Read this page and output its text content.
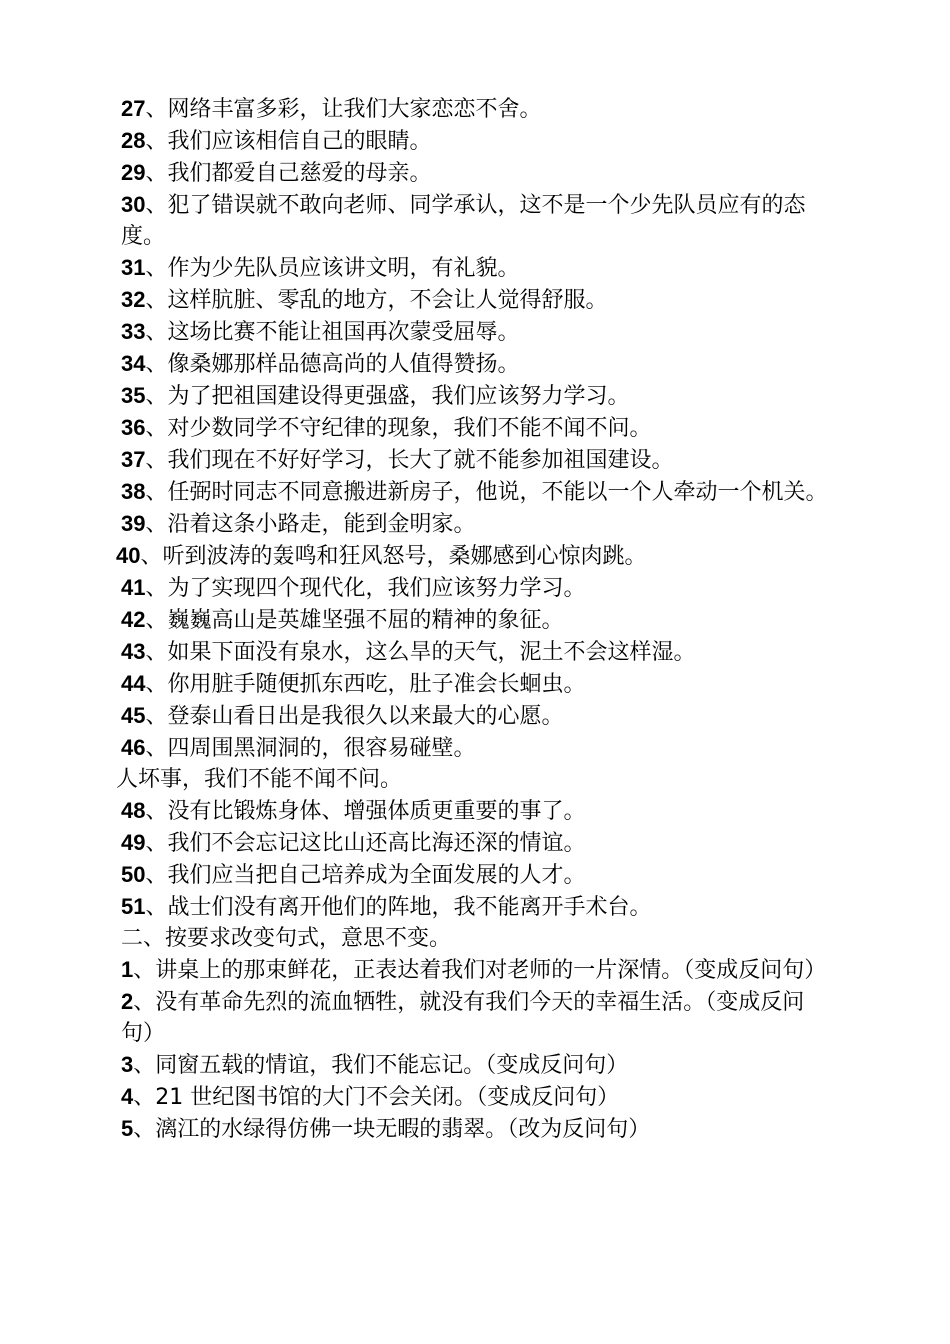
27、网络丰富多彩，让我们大家恋恋不舍。

28、我们应该相信自己的眼睛。

29、我们都爱自己慈爱的母亲。

30、犯了错误就不敢向老师、同学承认，这不是一个少先队员应有的态度。

31、作为少先队员应该讲文明，有礼貌。

32、这样肮脏、零乱的地方，不会让人觉得舒服。

33、这场比赛不能让祖国再次蒙受屈辱。

34、像桑娜那样品德高尚的人值得赞扬。

35、为了把祖国建设得更强盛，我们应该努力学习。

36、对少数同学不守纪律的现象，我们不能不闻不问。

37、我们现在不好好学习，长大了就不能参加祖国建设。

38、任弼时同志不同意搬进新房子，他说，不能以一个人牵动一个机关。

39、沿着这条小路走，能到金明家。

40、听到波涛的轰鸣和狂风怒号，桑娜感到心惊肉跳。

41、为了实现四个现代化，我们应该努力学习。

42、巍巍高山是英雄坚强不屈的精神的象征。

43、如果下面没有泉水，这么旱的天气，泥土不会这样湿。

44、你用脏手随便抓东西吃，肚子准会长蛔虫。

45、登泰山看日出是我很久以来最大的心愿。

46、四周围黑洞洞的，很容易碰壁。

人坏事，我们不能不闻不问。

48、没有比锻炼身体、增强体质更重要的事了。

49、我们不会忘记这比山还高比海还深的情谊。

50、我们应当把自己培养成为全面发展的人才。

51、战士们没有离开他们的阵地，我不能离开手术台。

二、按要求改变句式，意思不变。

1、讲桌上的那束鲜花，正表达着我们对老师的一片深情。（变成反问句）

2、没有革命先烈的流血牺牲，就没有我们今天的幸福生活。（变成反问句）

3、同窗五载的情谊，我们不能忘记。（变成反问句）

4、21 世纪图书馆的大门不会关闭。（变成反问句）

5、漓江的水绿得仿佛一块无暇的翡翠。（改为反问句）
